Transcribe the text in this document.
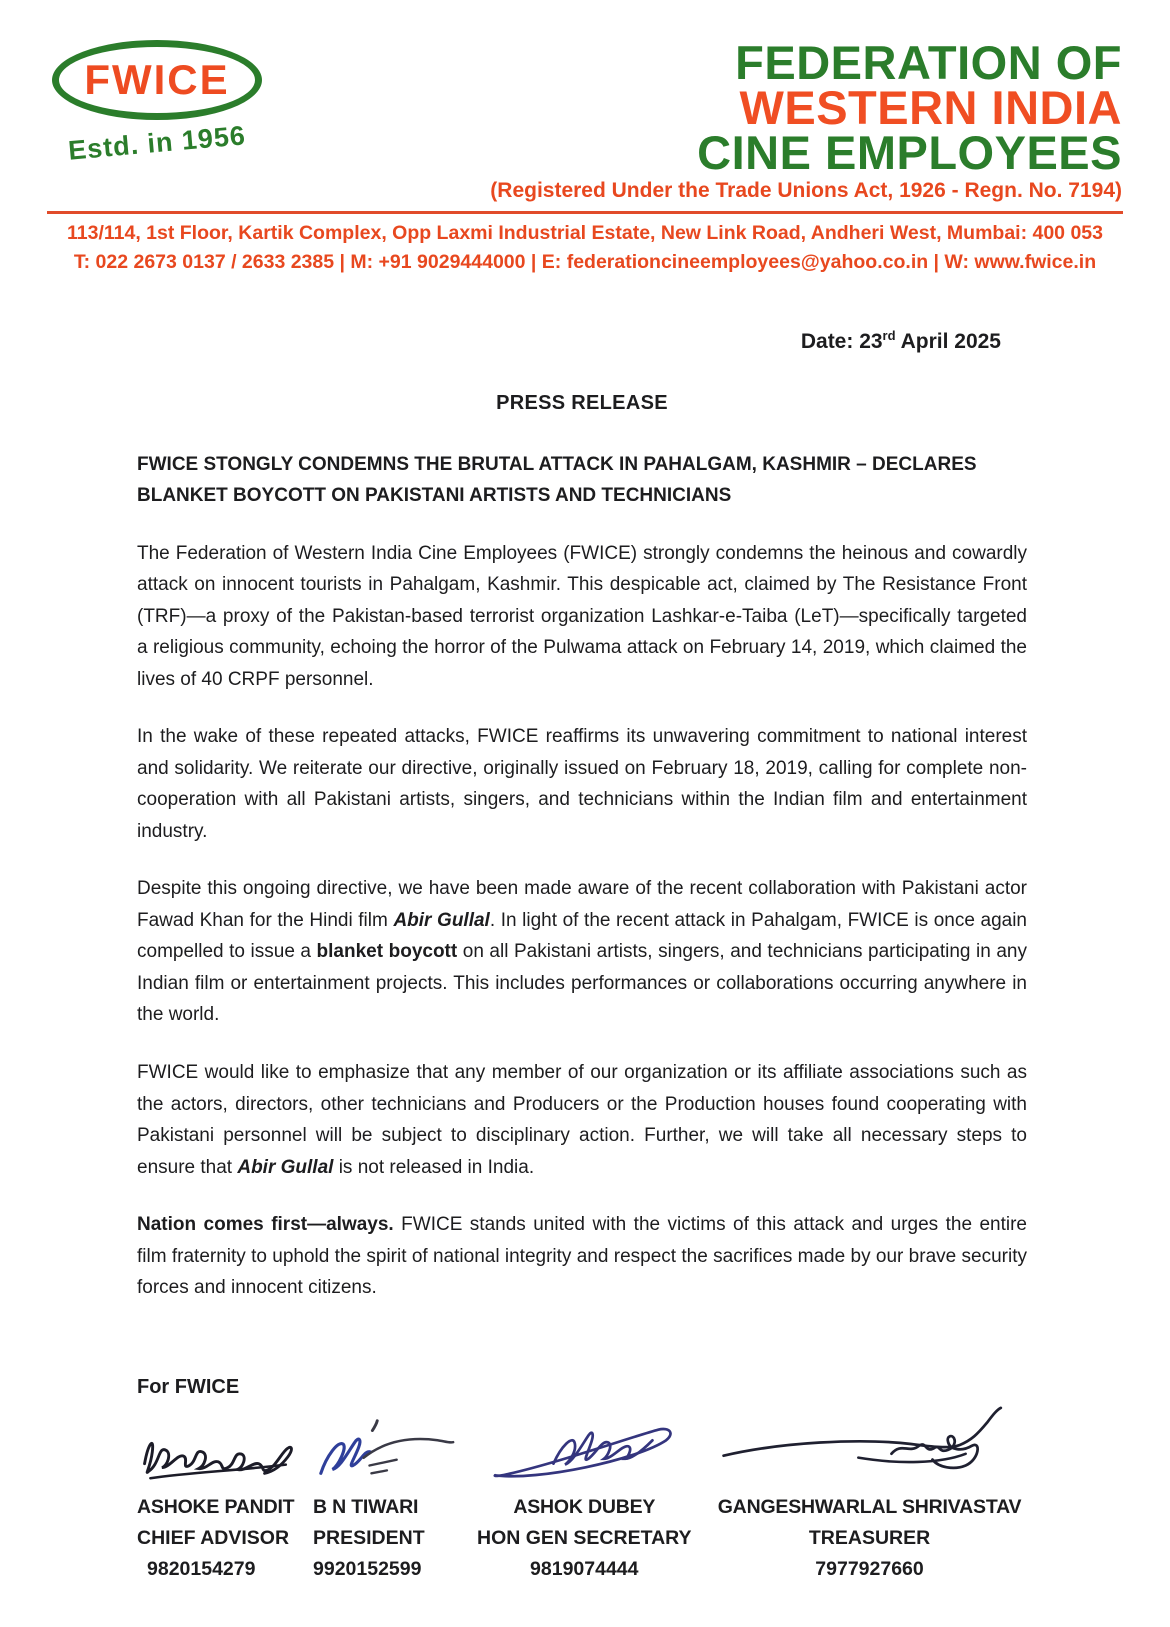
FWICE
Estd. in 1956
FEDERATION OF
WESTERN INDIA
CINE EMPLOYEES
(Registered Under the Trade Unions Act, 1926 - Regn. No. 7194)
113/114, 1st Floor, Kartik Complex, Opp Laxmi Industrial Estate, New Link Road, Andheri West, Mumbai: 400 053
T: 022 2673 0137 / 2633 2385 | M: +91 9029444000 | E: federationcineemployees@yahoo.co.in | W: www.fwice.in
Date: 23rd April 2025
PRESS RELEASE
FWICE STONGLY CONDEMNS THE BRUTAL ATTACK IN PAHALGAM, KASHMIR – DECLARES
BLANKET BOYCOTT ON PAKISTANI ARTISTS AND TECHNICIANS

The Federation of Western India Cine Employees (FWICE) strongly condemns the heinous and cowardly attack on innocent tourists in Pahalgam, Kashmir. This despicable act, claimed by The Resistance Front (TRF)—a proxy of the Pakistan-based terrorist organization Lashkar-e-Taiba (LeT)—specifically targeted a religious community, echoing the horror of the Pulwama attack on February 14, 2019, which claimed the lives of 40 CRPF personnel.

In the wake of these repeated attacks, FWICE reaffirms its unwavering commitment to national interest and solidarity. We reiterate our directive, originally issued on February 18, 2019, calling for complete non-cooperation with all Pakistani artists, singers, and technicians within the Indian film and entertainment industry.

Despite this ongoing directive, we have been made aware of the recent collaboration with Pakistani actor Fawad Khan for the Hindi film Abir Gullal. In light of the recent attack in Pahalgam, FWICE is once again compelled to issue a blanket boycott on all Pakistani artists, singers, and technicians participating in any Indian film or entertainment projects. This includes performances or collaborations occurring anywhere in the world.

FWICE would like to emphasize that any member of our organization or its affiliate associations such as the actors, directors, other technicians and Producers or the Production houses found cooperating with Pakistani personnel will be subject to disciplinary action. Further, we will take all necessary steps to ensure that Abir Gullal is not released in India.

Nation comes first—always. FWICE stands united with the victims of this attack and urges the entire film fraternity to uphold the spirit of national integrity and respect the sacrifices made by our brave security forces and innocent citizens.

For FWICE
ASHOKE PANDIT
CHIEF ADVISOR
9820154279
B N TIWARI
PRESIDENT
9920152599
ASHOK DUBEY
HON GEN SECRETARY
9819074444
GANGESHWARLAL SHRIVASTAV
TREASURER
7977927660
